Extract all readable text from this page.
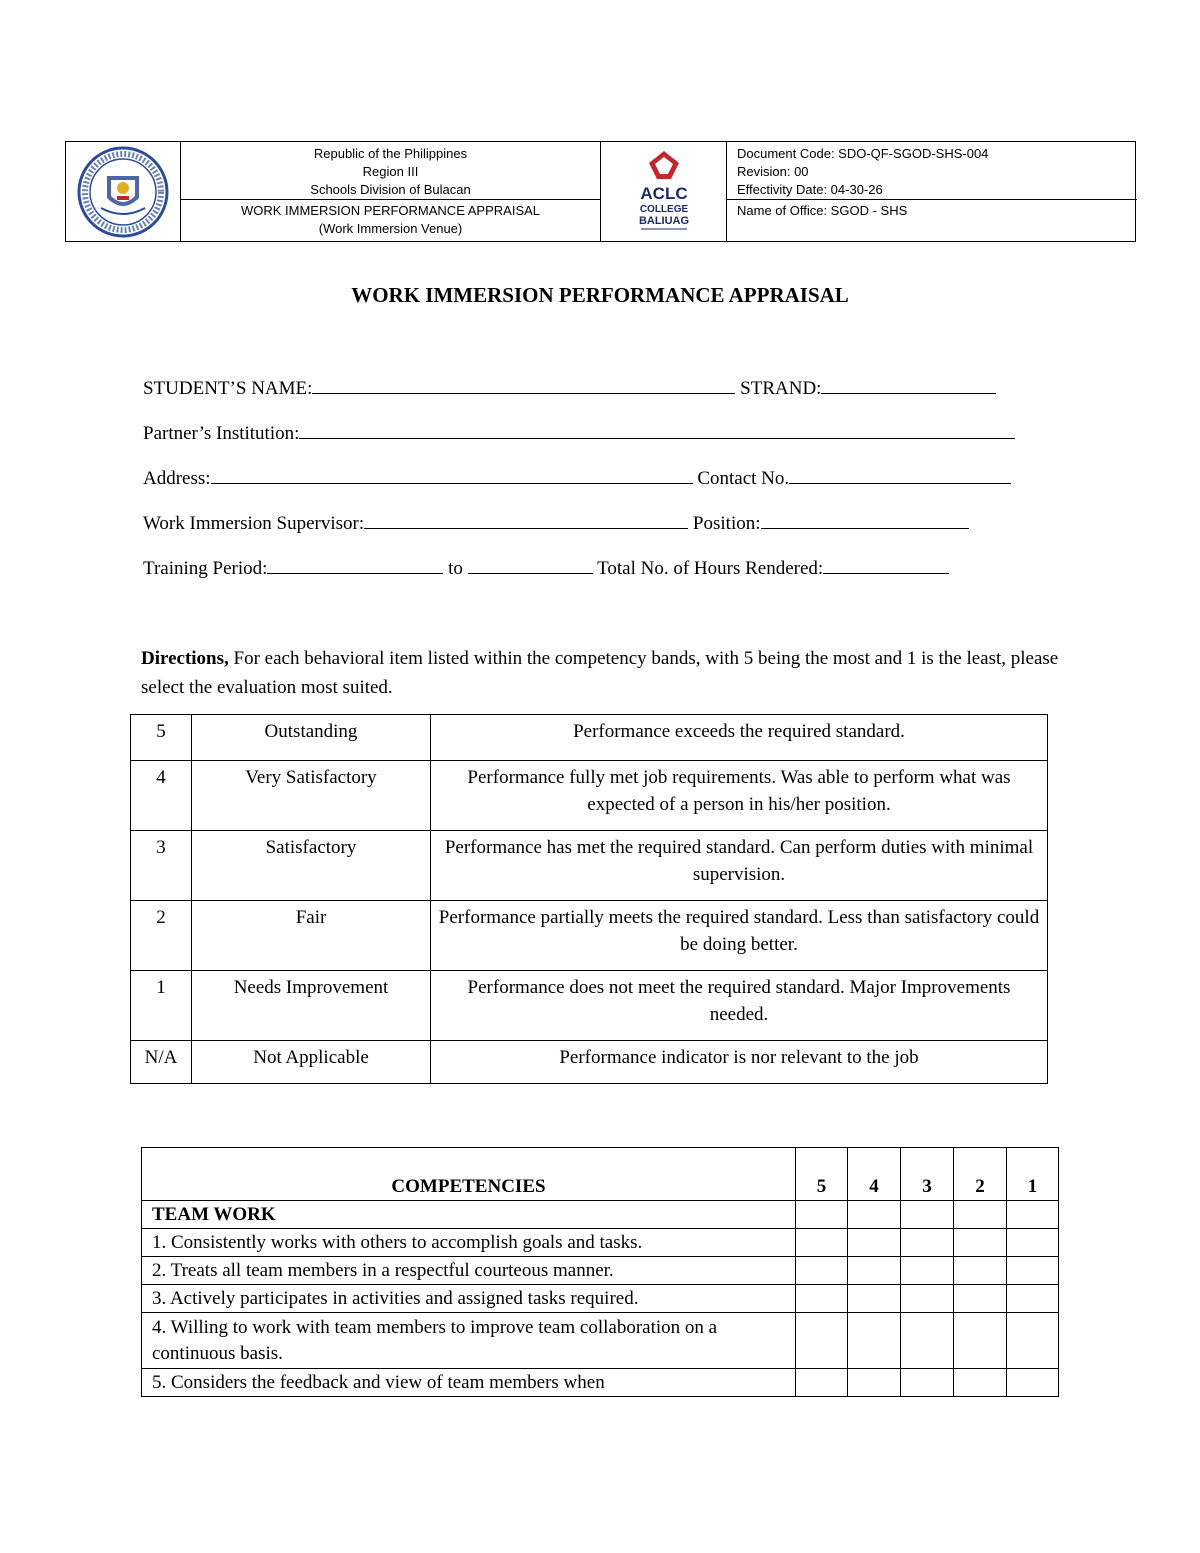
Republic of the Philippines
Region III
Schools Division of Bulacan
WORK IMMERSION PERFORMANCE APPRAISAL
(Work Immersion Venue)
ACLC
COLLEGE
BALIUAG
Document Code: SDO-QF-SGOD-SHS-004
Revision: 00
Effectivity Date: 04-30-26
Name of Office: SGOD - SHS
WORK IMMERSION PERFORMANCE APPRAISAL
STUDENT’S NAME:	STRAND:
Partner’s Institution:
Address:	Contact No.
Work Immersion Supervisor:	Position:
Training Period:	to	Total No. of Hours Rendered:
Directions, For each behavioral item listed within the competency bands, with 5 being the most and 1 is the least, please select the evaluation most suited.
5	Outstanding	Performance exceeds the required standard.
4	Very Satisfactory	Performance fully met job requirements. Was able to perform what was expected of a person in his/her position.
3	Satisfactory	Performance has met the required standard. Can perform duties with minimal supervision.
2	Fair	Performance partially meets the required standard. Less than satisfactory could be doing better.
1	Needs Improvement	Performance does not meet the required standard. Major Improvements needed.
N/A	Not Applicable	Performance indicator is nor relevant to the job
COMPETENCIES	5	4	3	2	1
TEAM WORK					
1. Consistently works with others to accomplish goals and tasks.					
2. Treats all team members in a respectful courteous manner.					
3. Actively participates in activities and assigned tasks required.					
4. Willing to work with team members to improve team collaboration on a continuous basis.					
5. Considers the feedback and view of team members when					
